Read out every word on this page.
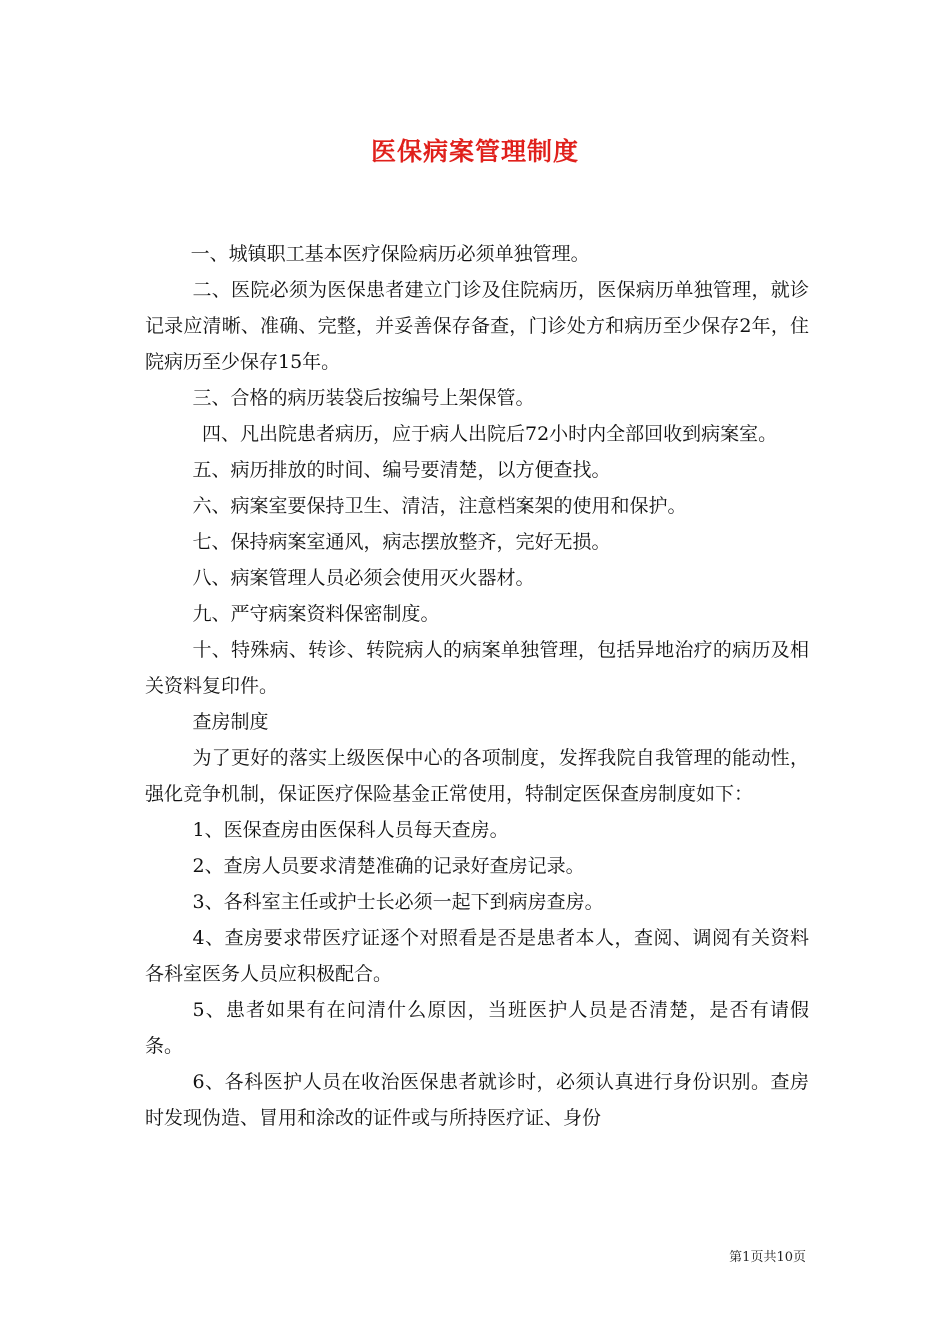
医保病案管理制度

一、城镇职工基本医疗保险病历必须单独管理。

二、医院必须为医保患者建立门诊及住院病历，医保病历单独管理，就诊记录应清晰、准确、完整，并妥善保存备查，门诊处方和病历至少保存2年，住院病历至少保存15年。

三、合格的病历装袋后按编号上架保管。

四、凡出院患者病历，应于病人出院后72小时内全部回收到病案室。

五、病历排放的时间、编号要清楚，以方便查找。

六、病案室要保持卫生、清洁，注意档案架的使用和保护。

七、保持病案室通风，病志摆放整齐，完好无损。

八、病案管理人员必须会使用灭火器材。

九、严守病案资料保密制度。

十、特殊病、转诊、转院病人的病案单独管理，包括异地治疗的病历及相关资料复印件。

查房制度

为了更好的落实上级医保中心的各项制度，发挥我院自我管理的能动性，强化竞争机制，保证医疗保险基金正常使用，特制定医保查房制度如下：

1、医保查房由医保科人员每天查房。

2、查房人员要求清楚准确的记录好查房记录。

3、各科室主任或护士长必须一起下到病房查房。

4、查房要求带医疗证逐个对照看是否是患者本人，查阅、调阅有关资料各科室医务人员应积极配合。

5、患者如果有在问清什么原因，当班医护人员是否清楚，是否有请假条。

6、各科医护人员在收治医保患者就诊时，必须认真进行身份识别。查房时发现伪造、冒用和涂改的证件或与所持医疗证、身份

第1页共10页
